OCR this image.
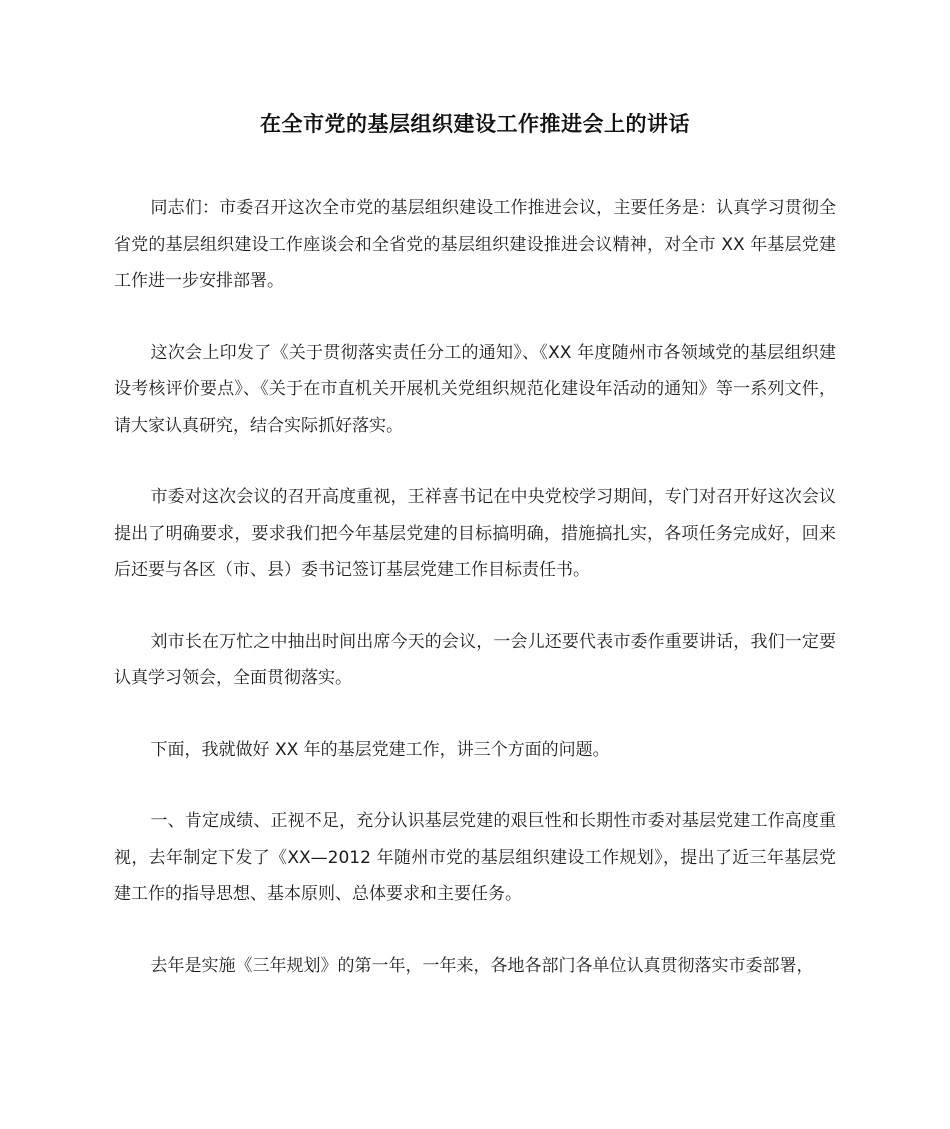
在全市党的基层组织建设工作推进会上的讲话

同志们：市委召开这次全市党的基层组织建设工作推进会议，主要任务是：认真学习贯彻全省党的基层组织建设工作座谈会和全省党的基层组织建设推进会议精神，对全市 XX 年基层党建工作进一步安排部署。

这次会上印发了《关于贯彻落实责任分工的通知》、《XX 年度随州市各领域党的基层组织建设考核评价要点》、《关于在市直机关开展机关党组织规范化建设年活动的通知》等一系列文件，请大家认真研究，结合实际抓好落实。

市委对这次会议的召开高度重视，王祥喜书记在中央党校学习期间，专门对召开好这次会议提出了明确要求，要求我们把今年基层党建的目标搞明确，措施搞扎实，各项任务完成好，回来后还要与各区（市、县）委书记签订基层党建工作目标责任书。

刘市长在万忙之中抽出时间出席今天的会议，一会儿还要代表市委作重要讲话，我们一定要认真学习领会，全面贯彻落实。

下面，我就做好 XX 年的基层党建工作，讲三个方面的问题。

一、肯定成绩、正视不足，充分认识基层党建的艰巨性和长期性市委对基层党建工作高度重视，去年制定下发了《XX—2012 年随州市党的基层组织建设工作规划》，提出了近三年基层党建工作的指导思想、基本原则、总体要求和主要任务。

去年是实施《三年规划》的第一年，一年来，各地各部门各单位认真贯彻落实市委部署，
